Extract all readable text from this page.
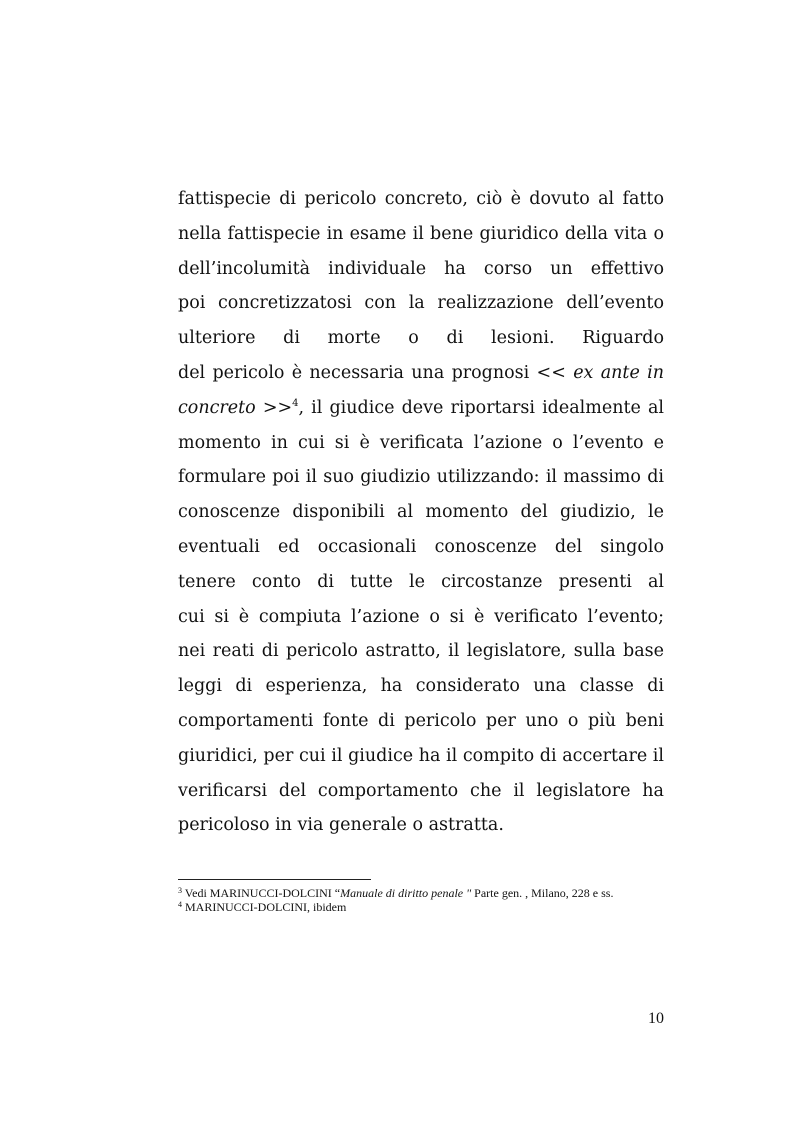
fattispecie di pericolo concreto, ciò è dovuto al fatto
nella fattispecie in esame il bene giuridico della vita o
dell’incolumità individuale ha corso un effettivo
poi concretizzatosi con la realizzazione dell’evento
ulteriore di morte o di lesioni. Riguardo
del pericolo è necessaria una prognosi << ex ante in
concreto >>$^4$, il giudice deve riportarsi idealmente al
momento in cui si è verificata l’azione o l’evento e
formulare poi il suo giudizio utilizzando: il massimo di
conoscenze disponibili al momento del giudizio, le
eventuali ed occasionali conoscenze del singolo
tenere conto di tutte le circostanze presenti al
cui si è compiuta l’azione o si è verificato l’evento;
nei reati di pericolo astratto, il legislatore, sulla base
leggi di esperienza, ha considerato una classe di
comportamenti fonte di pericolo per uno o più beni
giuridici, per cui il giudice ha il compito di accertare il
verificarsi del comportamento che il legislatore ha
pericoloso in via generale o astratta.
$^3$ Vedi MARINUCCI-DOLCINI “Manuale di diritto penale " Parte gen. , Milano, 228 e ss.
$^4$ MARINUCCI-DOLCINI, ibidem
10
